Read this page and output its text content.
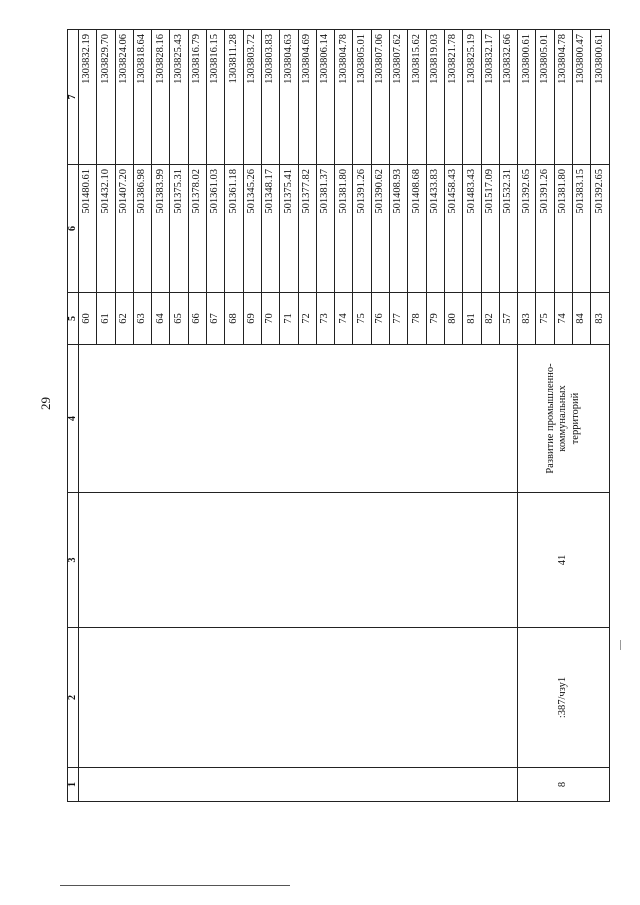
29
1	2	3	4	5	6	7
				60	501480.61	1303832.19
				61	501432.10	1303829.70
				62	501407.20	1303824.06
				63	501386.98	1303818.64
				64	501383.99	1303828.16
				65	501375.31	1303825.43
				66	501378.02	1303816.79
				67	501361.03	1303816.15
				68	501361.18	1303811.28
				69	501345.26	1303803.72
				70	501348.17	1303803.83
				71	501375.41	1303804.63
				72	501377.82	1303804.69
				73	501381.37	1303806.14
				74	501381.80	1303804.78
				75	501391.26	1303805.01
				76	501390.62	1303807.06
				77	501408.93	1303807.62
				78	501408.68	1303815.62
				79	501433.83	1303819.03
				80	501458.43	1303821.78
				81	501483.43	1303825.19
				82	501517.09	1303832.17
				57	501532.31	1303832.66
8	:387/чзу1	41	Развитие промышленно-
коммунальных
территорий	83	501392.65	1303800.61
				75	501391.26	1303805.01
				74	501381.80	1303804.78
				84	501383.15	1303800.47
				83	501392.65	1303800.61
